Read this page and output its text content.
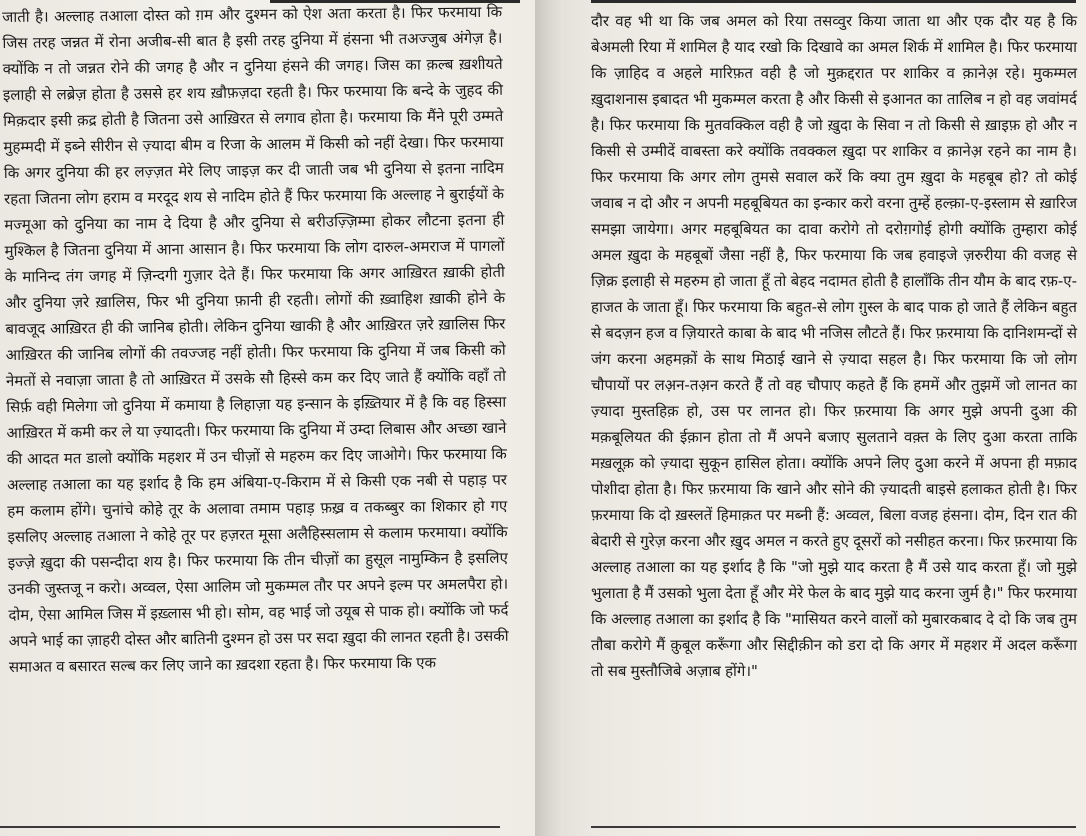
जाती है। अल्लाह तआला दोस्त को ग़म और दुश्मन को ऐश अता करता है। फिर फरमाया कि जिस तरह जन्नत में रोना अजीब-सी बात है इसी तरह दुनिया में हंसना भी तअज्जुब अंगेज़ है। क्योंकि न तो जन्नत रोने की जगह है और न दुनिया हंसने की जगह। जिस का क़ल्ब ख़शीयते इलाही से लब्रेज़ होता है उससे हर शय ख़ौफ़ज़दा रहती है। फिर फरमाया कि बन्दे के जुहद की मिक़दार इसी क़द्र होती है जितना उसे आख़िरत से लगाव होता है। फरमाया कि मैंने पूरी उम्मते मुहम्मदी में इब्ने सीरीन से ज़्यादा बीम व रिजा के आलम में किसी को नहीं देखा। फिर फरमाया कि अगर दुनिया की हर लज़्ज़त मेरे लिए जाइज़ कर दी जाती जब भी दुनिया से इतना नादिम रहता जितना लोग हराम व मरदूद शय से नादिम होते हैं फिर फरमाया कि अल्लाह ने बुराईयों के मज्मूआ को दुनिया का नाम दे दिया है और दुनिया से बरीउज़्ज़िम्मा होकर लौटना इतना ही मुश्किल है जितना दुनिया में आना आसान है। फिर फरमाया कि लोग दारुल-अमराज में पागलों के मानिन्द तंग जगह में ज़िन्दगी गुज़ार देते हैं। फिर फरमाया कि अगर आख़िरत ख़ाकी होती और दुनिया ज़रे ख़ालिस, फिर भी दुनिया फ़ानी ही रहती। लोगों की ख़्वाहिश ख़ाकी होने के बावजूद आख़िरत ही की जानिब होती। लेकिन दुनिया खाकी है और आख़िरत ज़रे ख़ालिस फिर आख़िरत की जानिब लोगों की तवज्जह नहीं होती। फिर फरमाया कि दुनिया में जब किसी को नेमतों से नवाज़ा जाता है तो आख़िरत में उसके सौ हिस्से कम कर दिए जाते हैं क्योंकि वहाँ तो सिर्फ़ वही मिलेगा जो दुनिया में कमाया है लिहाज़ा यह इन्सान के इख़्तियार में है कि वह हिस्सा आख़िरत में कमी कर ले या ज़्यादती। फिर फरमाया कि दुनिया में उम्दा लिबास और अच्छा खाने की आदत मत डालो क्योंकि महशर में उन चीज़ों से महरुम कर दिए जाओगे। फिर फरमाया कि अल्लाह तआला का यह इर्शाद है कि हम अंबिया-ए-किराम में से किसी एक नबी से पहाड़ पर हम कलाम होंगे। चुनांचे कोहे तूर के अलावा तमाम पहाड़ फ़ख़्र व तकब्बुर का शिकार हो गए इसलिए अल्लाह तआला ने कोहे तूर पर हज़रत मूसा अलैहिस्सलाम से कलाम फरमाया। क्योंकि इज्ज़े ख़ुदा की पसन्दीदा शय है। फिर फरमाया कि तीन चीज़ों का हुसूल नामुम्किन है इसलिए उनकी जुस्तजू न करो। अव्वल, ऐसा आलिम जो मुकम्मल तौर पर अपने इल्म पर अमलपैरा हो। दोम, ऐसा आमिल जिस में इख़्लास भी हो। सोम, वह भाई जो उयूब से पाक हो। क्योंकि जो फर्द अपने भाई का ज़ाहरी दोस्त और बातिनी दुश्मन हो उस पर सदा ख़ुदा की लानत रहती है। उसकी समाअत व बसारत सल्ब कर लिए जाने का ख़दशा रहता है। फिर फरमाया कि एक

दौर वह भी था कि जब अमल को रिया तसव्वुर किया जाता था और एक दौर यह है कि बेअमली रिया में शामिल है याद रखो कि दिखावे का अमल शिर्क में शामिल है। फिर फरमाया कि ज़ाहिद व अहले मारिफ़त वही है जो मुक़द्दरात पर शाकिर व क़ानेअ़ रहे। मुकम्मल ख़ुदाशनास इबादत भी मुकम्मल करता है और किसी से इआनत का तालिब न हो वह जवांमर्द है। फिर फरमाया कि मुतवक्किल वही है जो ख़ुदा के सिवा न तो किसी से ख़ाइफ़ हो और न किसी से उम्मीदें वाबस्ता करे क्योंकि तवक्कल ख़ुदा पर शाकिर व क़ानेअ़ रहने का नाम है। फिर फरमाया कि अगर लोग तुमसे सवाल करें कि क्या तुम ख़ुदा के महबूब हो? तो कोई जवाब न दो और न अपनी महबूबियत का इन्कार करो वरना तुम्हें हल्क़ा-ए-इस्लाम से ख़ारिज समझा जायेगा। अगर महबूबियत का दावा करोगे तो दरोग़गोई होगी क्योंकि तुम्हारा कोई अमल ख़ुदा के महबूबों जैसा नहीं है, फिर फरमाया कि जब हवाइजे ज़रुरीया की वजह से ज़िक्र इलाही से महरुम हो जाता हूँ तो बेहद नदामत होती है हालाँकि तीन यौम के बाद रफ़-ए-हाजत के जाता हूँ। फिर फरमाया कि बहुत-से लोग ग़ुस्ल के बाद पाक हो जाते हैं लेकिन बहुत से बदज़न हज व ज़ियारते काबा के बाद भी नजिस लौटते हैं। फिर फ़रमाया कि दानिशमन्दों से जंग करना अहमक़ों के साथ मिठाई खाने से ज़्यादा सहल है। फिर फरमाया कि जो लोग चौपायों पर लअ़न-तअ़न करते हैं तो वह चौपाए कहते हैं कि हममें और तुझमें जो लानत का ज़्यादा मुस्तहिक़ हो, उस पर लानत हो। फिर फ़रमाया कि अगर मुझे अपनी दुआ की मक़बूलियत की ईक़ान होता तो मैं अपने बजाए सुलताने वक़्त के लिए दुआ करता ताकि मख़लूक़ को ज़्यादा सुकून हासिल होता। क्योंकि अपने लिए दुआ करने में अपना ही मफ़ाद पोशीदा होता है। फिर फ़रमाया कि खाने और सोने की ज़्यादती बाइसे हलाकत होती है। फिर फ़रमाया कि दो ख़स्लतें हिमाक़त पर मब्नी हैं: अव्वल, बिला वजह हंसना। दोम, दिन रात की बेदारी से गुरेज़ करना और ख़ुद अमल न करते हुए दूसरों को नसीहत करना। फिर फ़रमाया कि अल्लाह तआला का यह इर्शाद है कि "जो मुझे याद करता है मैं उसे याद करता हूँ। जो मुझे भुलाता है मैं उसको भुला देता हूँ और मेरे फेल के बाद मुझे याद करना जुर्म है।" फिर फरमाया कि अल्लाह तआला का इर्शाद है कि "मासियत करने वालों को मुबारकबाद दे दो कि जब तुम तौबा करोगे मैं क़ुबूल करूँगा और सिद्दीक़ीन को डरा दो कि अगर में महशर में अदल करूँगा तो सब मुस्तौजिबे अज़ाब होंगे।"
